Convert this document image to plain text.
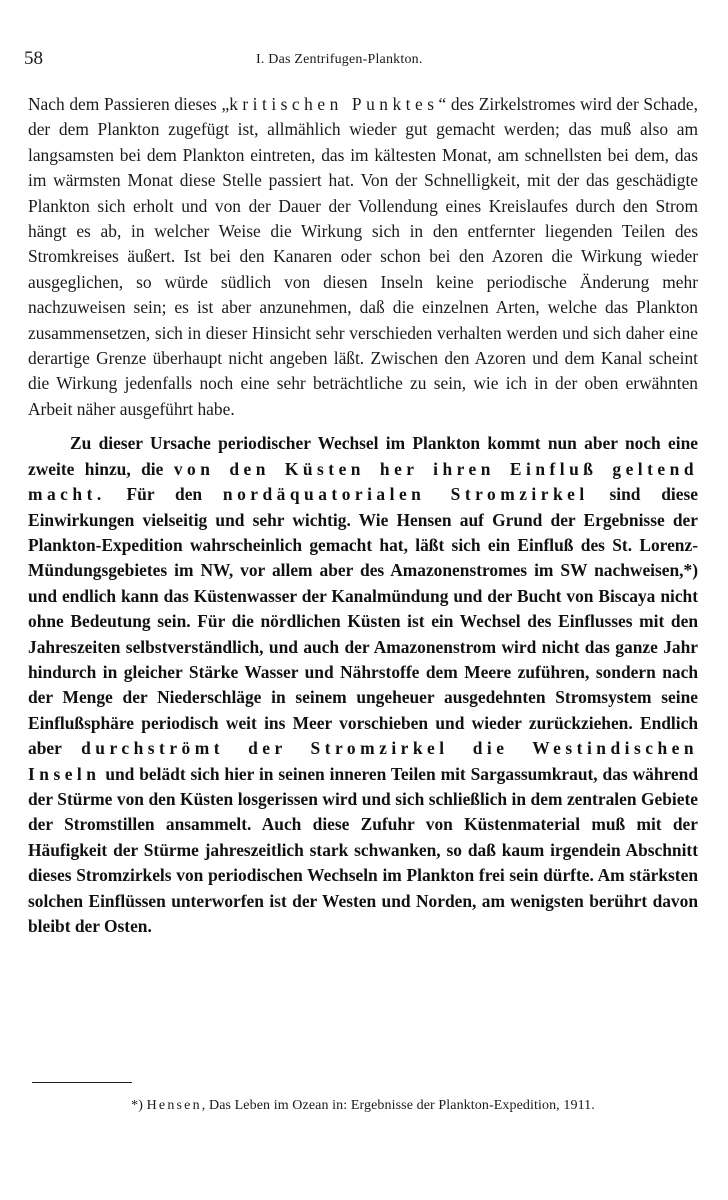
58	I. Das Zentrifugen-Plankton.

Nach dem Passieren dieses „kritischen Punktes“ des Zirkelstromes wird der Schade, der dem Plankton zugefügt ist, allmählich wieder gut gemacht werden; das muß also am langsamsten bei dem Plankton eintreten, das im kältesten Monat, am schnellsten bei dem, das im wärmsten Monat diese Stelle passiert hat. Von der Schnelligkeit, mit der das geschädigte Plankton sich erholt und von der Dauer der Vollendung eines Kreislaufes durch den Strom hängt es ab, in welcher Weise die Wirkung sich in den entfernter liegenden Teilen des Stromkreises äußert. Ist bei den Kanaren oder schon bei den Azoren die Wirkung wieder ausgeglichen, so würde südlich von diesen Inseln keine periodische Änderung mehr nachzuweisen sein; es ist aber anzunehmen, daß die einzelnen Arten, welche das Plankton zusammensetzen, sich in dieser Hinsicht sehr verschieden verhalten werden und sich daher eine derartige Grenze überhaupt nicht angeben läßt. Zwischen den Azoren und dem Kanal scheint die Wirkung jedenfalls noch eine sehr beträchtliche zu sein, wie ich in der oben erwähnten Arbeit näher ausgeführt habe.

Zu dieser Ursache periodischer Wechsel im Plankton kommt nun aber noch eine zweite hinzu, die von den Küsten her ihren Einfluß geltend macht. Für den nordäquatorialen Stromzirkel sind diese Einwirkungen vielseitig und sehr wichtig. Wie Hensen auf Grund der Ergebnisse der Plankton-Expedition wahrscheinlich gemacht hat, läßt sich ein Einfluß des St. Lorenz-Mündungsgebietes im NW, vor allem aber des Amazonenstromes im SW nachweisen,*) und endlich kann das Küstenwasser der Kanalmündung und der Bucht von Biscaya nicht ohne Bedeutung sein. Für die nördlichen Küsten ist ein Wechsel des Einflusses mit den Jahreszeiten selbstverständlich, und auch der Amazonenstrom wird nicht das ganze Jahr hindurch in gleicher Stärke Wasser und Nährstoffe dem Meere zuführen, sondern nach der Menge der Niederschläge in seinem ungeheuer ausgedehnten Stromsystem seine Einflußsphäre periodisch weit ins Meer vorschieben und wieder zurückziehen. Endlich aber durchströmt der Stromzirkel die Westindischen Inseln und belädt sich hier in seinen inneren Teilen mit Sargassumkraut, das während der Stürme von den Küsten losgerissen wird und sich schließlich in dem zentralen Gebiete der Stromstillen ansammelt. Auch diese Zufuhr von Küstenmaterial muß mit der Häufigkeit der Stürme jahreszeitlich stark schwanken, so daß kaum irgendein Abschnitt dieses Stromzirkels von periodischen Wechseln im Plankton frei sein dürfte. Am stärksten solchen Einflüssen unterworfen ist der Westen und Norden, am wenigsten berührt davon bleibt der Osten.

*) Hensen, Das Leben im Ozean in: Ergebnisse der Plankton-Expedition, 1911.
